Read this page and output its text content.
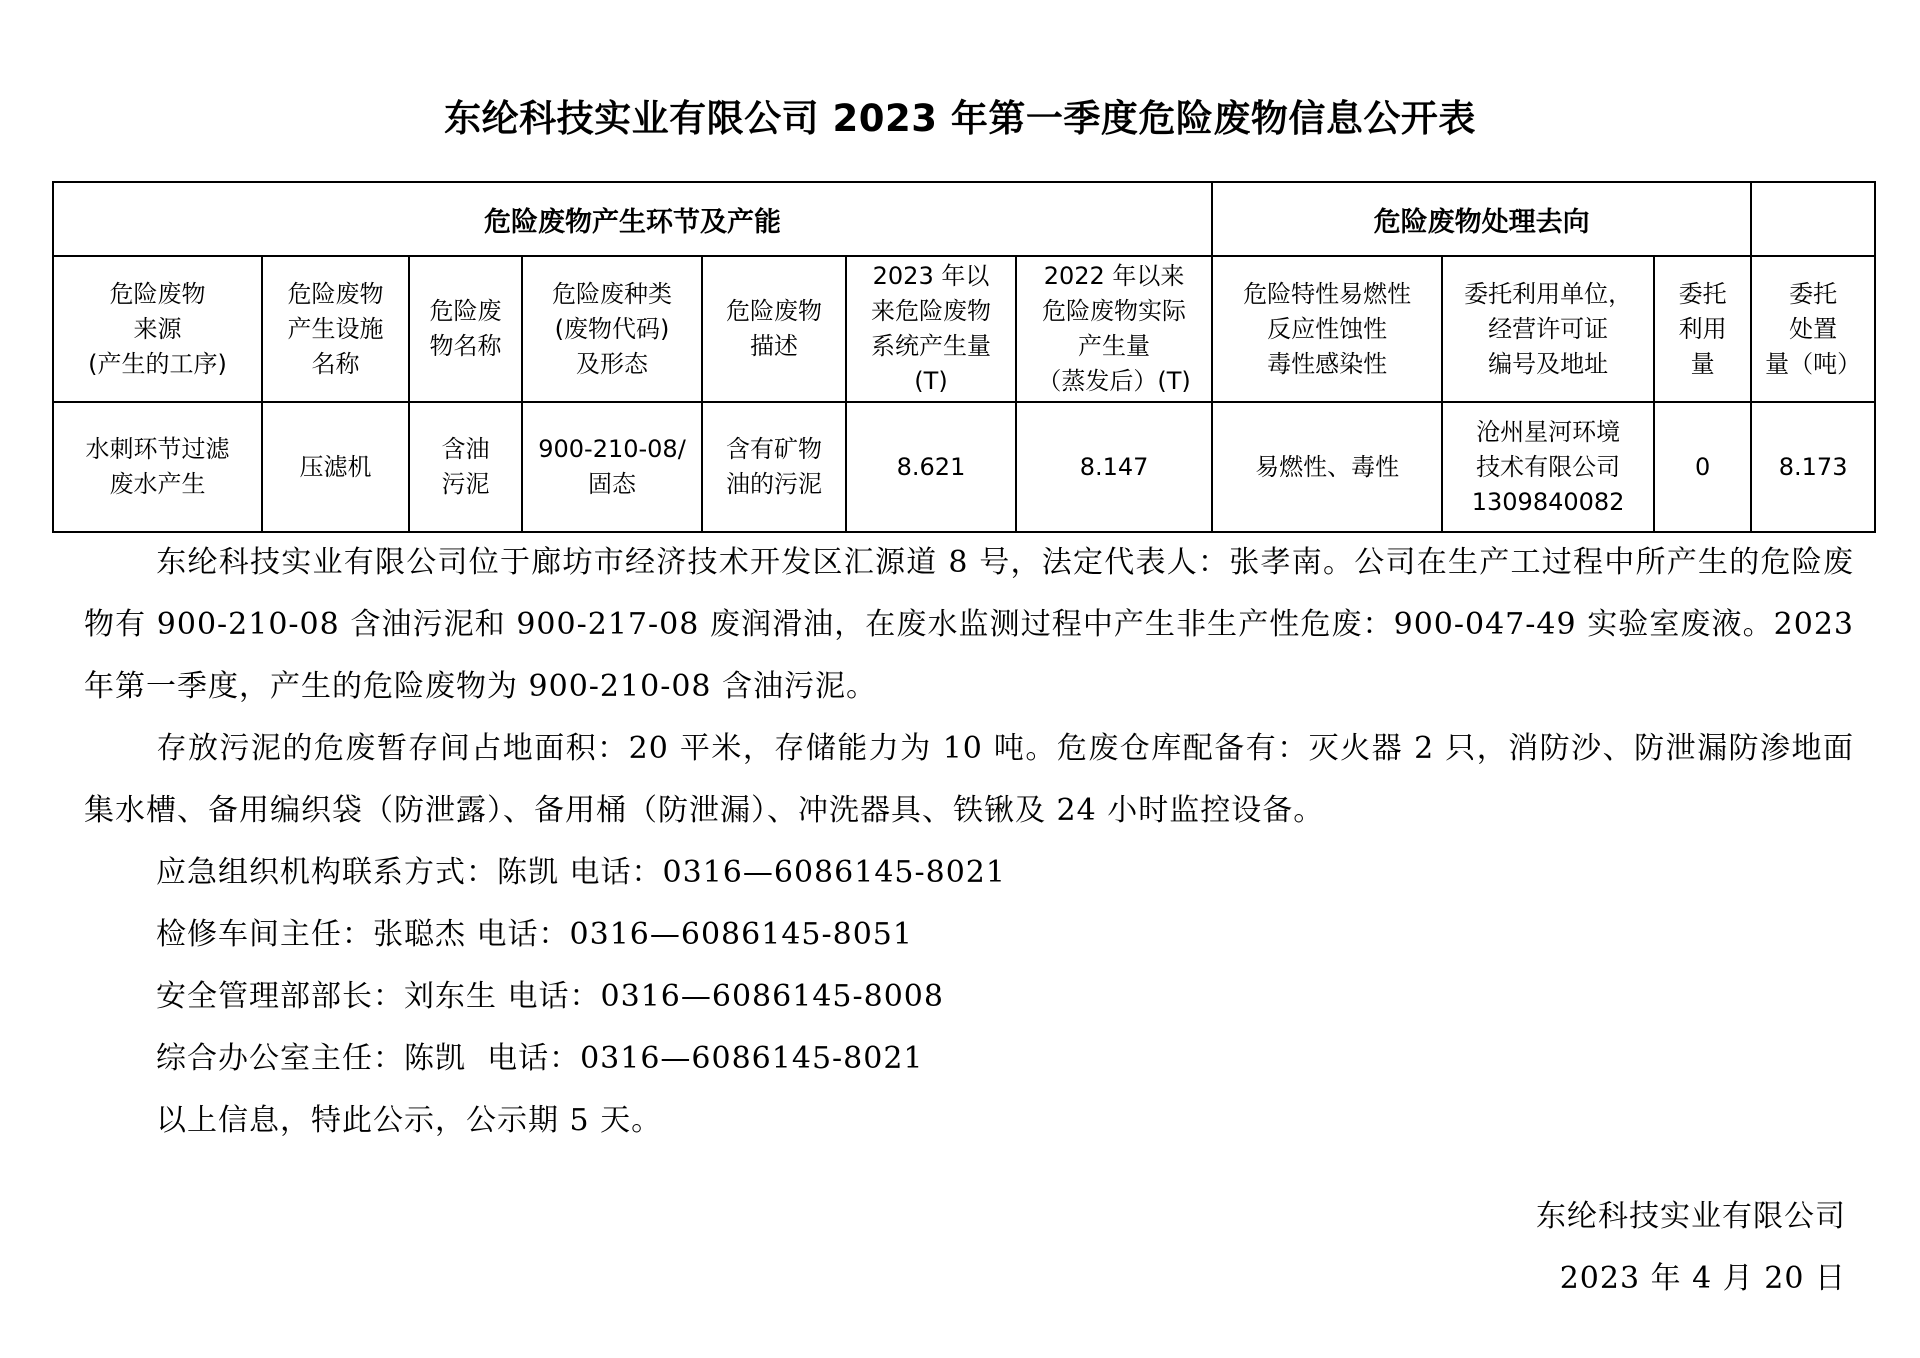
东纶科技实业有限公司 2023 年第一季度危险废物信息公开表
危险废物产生环节及产能							危险废物处理去向			
危险废物
来源
(产生的工序)	危险废物
产生设施
名称	危险废
物名称	危险废种类
(废物代码)
及形态	危险废物
描述	2023 年以
来危险废物
系统产生量
(T)	2022 年以来
危险废物实际
产生量
（蒸发后）(T)	危险特性易燃性
反应性蚀性
毒性感染性	委托利用单位，
经营许可证
编号及地址	委托
利用
量	委托
处置
量（吨）
水刺环节过滤
废水产生	压滤机	含油
污泥	900-210-08/
固态	含有矿物
油的污泥	8.621	8.147	易燃性、毒性	沧州星河环境
技术有限公司
1309840082	0	8.173
东纶科技实业有限公司位于廊坊市经济技术开发区汇源道 8 号，法定代表人：张孝南。公司在生产工过程中所产生的危险废物有 900-210-08 含油污泥和 900-217-08 废润滑油，在废水监测过程中产生非生产性危废：900-047-49 实验室废液。2023 年第一季度，产生的危险废物为 900-210-08 含油污泥。
存放污泥的危废暂存间占地面积：20 平米，存储能力为 10 吨。危废仓库配备有：灭火器 2 只，消防沙、防泄漏防渗地面集水槽、备用编织袋（防泄露）、备用桶（防泄漏）、冲洗器具、铁锹及 24 小时监控设备。
应急组织机构联系方式：陈凯 电话：0316—6086145-8021
检修车间主任：张聪杰 电话：0316—6086145-8051
安全管理部部长：刘东生 电话：0316—6086145-8008
综合办公室主任：陈凯  电话：0316—6086145-8021
以上信息，特此公示，公示期 5 天。
东纶科技实业有限公司
2023 年 4 月 20 日
